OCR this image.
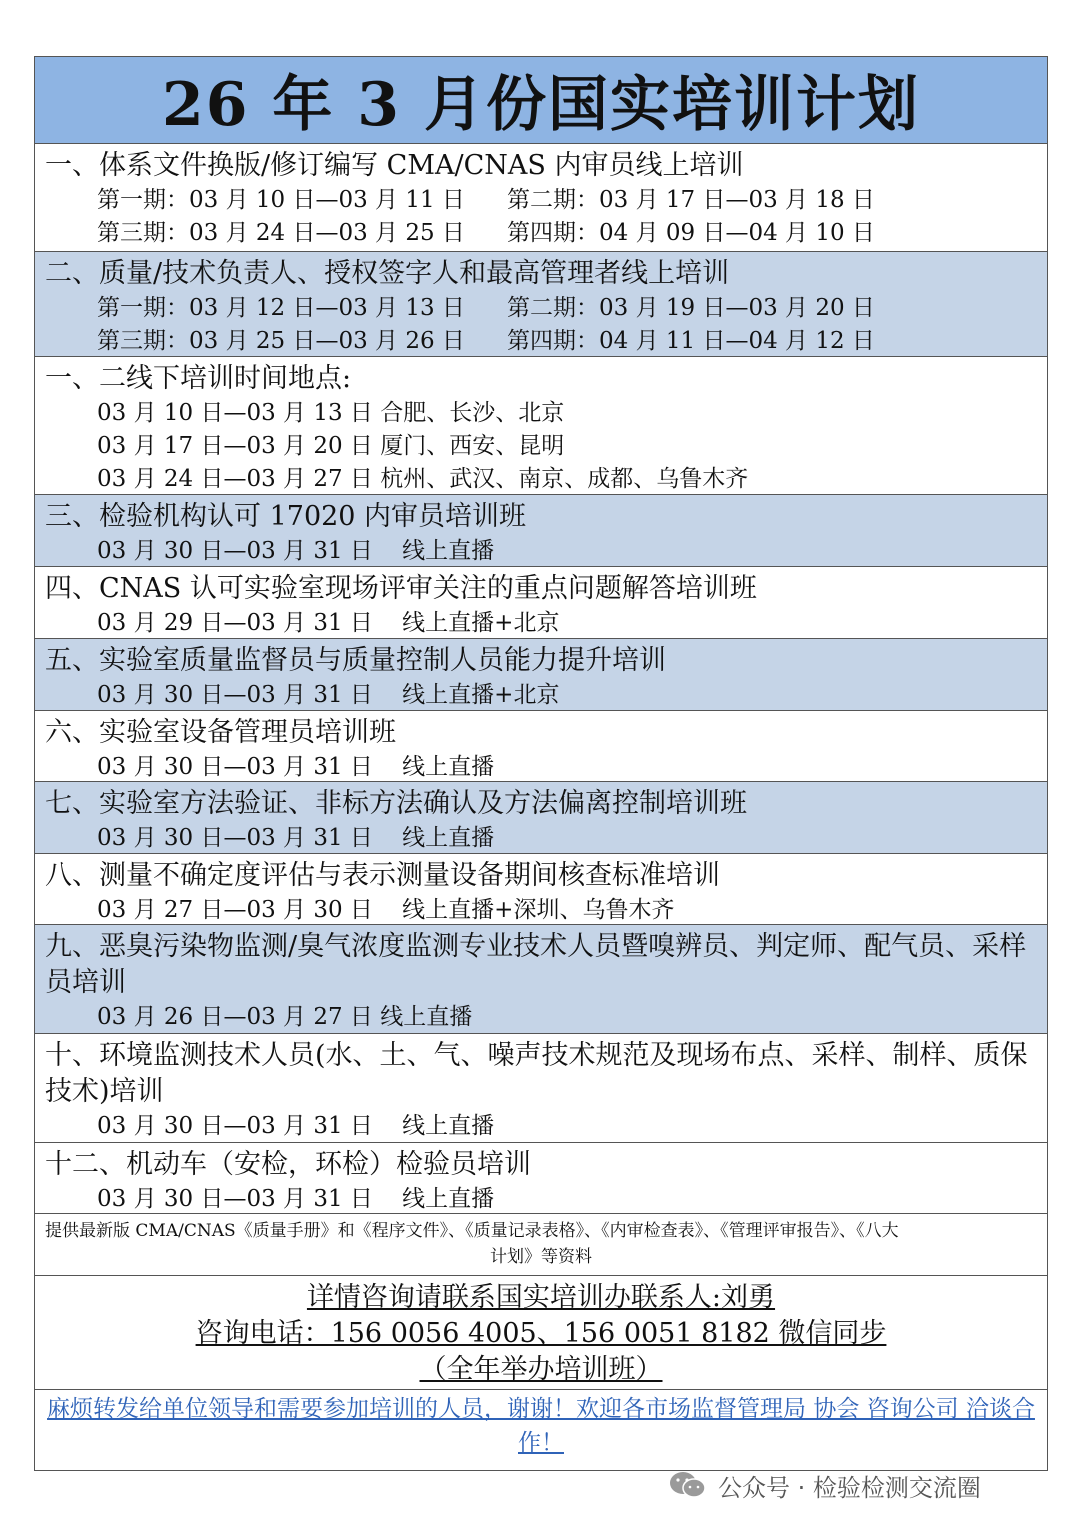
26 年 3 月份国实培训计划
一、体系文件换版/修订编写 CMA/CNAS 内审员线上培训
第一期：03 月 10 日—03 月 11 日	第二期：03 月 17 日—03 月 18 日
第三期：03 月 24 日—03 月 25 日	第四期：04 月 09 日—04 月 10 日
二、质量/技术负责人、授权签字人和最高管理者线上培训
第一期：03 月 12 日—03 月 13 日	第二期：03 月 19 日—03 月 20 日
第三期：03 月 25 日—03 月 26 日	第四期：04 月 11 日—04 月 12 日
一、二线下培训时间地点:
03 月 10 日—03 月 13 日 合肥、长沙、北京
03 月 17 日—03 月 20 日 厦门、西安、昆明
03 月 24 日—03 月 27 日 杭州、武汉、南京、成都、乌鲁木齐
三、检验机构认可 17020 内审员培训班
03 月 30 日—03 月 31 日    线上直播
四、CNAS 认可实验室现场评审关注的重点问题解答培训班
03 月 29 日—03 月 31 日    线上直播+北京
五、实验室质量监督员与质量控制人员能力提升培训
03 月 30 日—03 月 31 日    线上直播+北京
六、实验室设备管理员培训班
03 月 30 日—03 月 31 日    线上直播
七、实验室方法验证、非标方法确认及方法偏离控制培训班
03 月 30 日—03 月 31 日    线上直播
八、测量不确定度评估与表示测量设备期间核查标准培训
03 月 27 日—03 月 30 日    线上直播+深圳、乌鲁木齐
九、恶臭污染物监测/臭气浓度监测专业技术人员暨嗅辨员、判定师、配气员、采样员培训
03 月 26 日—03 月 27 日 线上直播
十、环境监测技术人员(水、土、气、噪声技术规范及现场布点、采样、制样、质保技术)培训
03 月 30 日—03 月 31 日    线上直播
十二、机动车（安检，环检）检验员培训
03 月 30 日—03 月 31 日    线上直播
提供最新版 CMA/CNAS《质量手册》和《程序文件》、《质量记录表格》、《内审检查表》、《管理评审报告》、《八大
计划》等资料
详情咨询请联系国实培训办联系人:刘勇
咨询电话：156 0056 4005、156 0051 8182 微信同步
（全年举办培训班）
麻烦转发给单位领导和需要参加培训的人员，谢谢！欢迎各市场监督管理局 协会 咨询公司 洽谈合作！
公众号 · 检验检测交流圈
